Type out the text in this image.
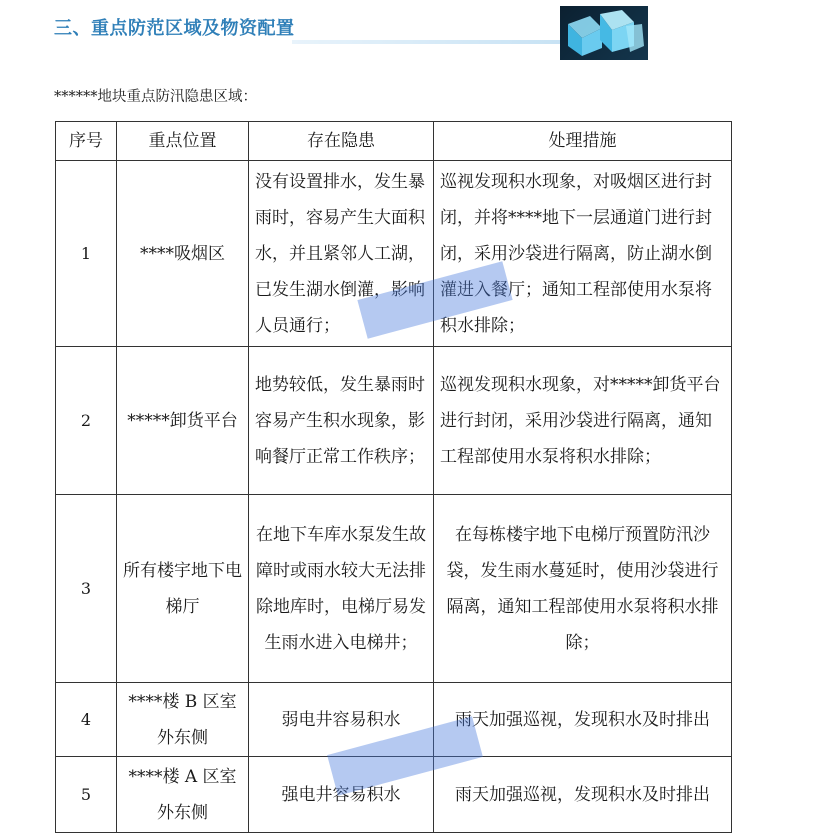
三、重点防范区域及物资配置
******地块重点防汛隐患区域：
序号	重点位置	存在隐患	处理措施
1	****吸烟区	没有设置排水，发生暴雨时，容易产生大面积水，并且紧邻人工湖，已发生湖水倒灌，影响人员通行；	巡视发现积水现象，对吸烟区进行封闭，并将****地下一层通道门进行封闭，采用沙袋进行隔离，防止湖水倒灌进入餐厅；通知工程部使用水泵将积水排除；
2	*****卸货平台	地势较低，发生暴雨时容易产生积水现象，影响餐厅正常工作秩序；	巡视发现积水现象，对*****卸货平台进行封闭，采用沙袋进行隔离，通知工程部使用水泵将积水排除；
3	所有楼宇地下电梯厅	在地下车库水泵发生故障时或雨水较大无法排除地库时，电梯厅易发生雨水进入电梯井；	在每栋楼宇地下电梯厅预置防汛沙袋，发生雨水蔓延时，使用沙袋进行隔离，通知工程部使用水泵将积水排除；
4	****楼 B 区室外东侧	弱电井容易积水	雨天加强巡视，发现积水及时排出
5	****楼 A 区室外东侧	强电井容易积水	雨天加强巡视，发现积水及时排出
